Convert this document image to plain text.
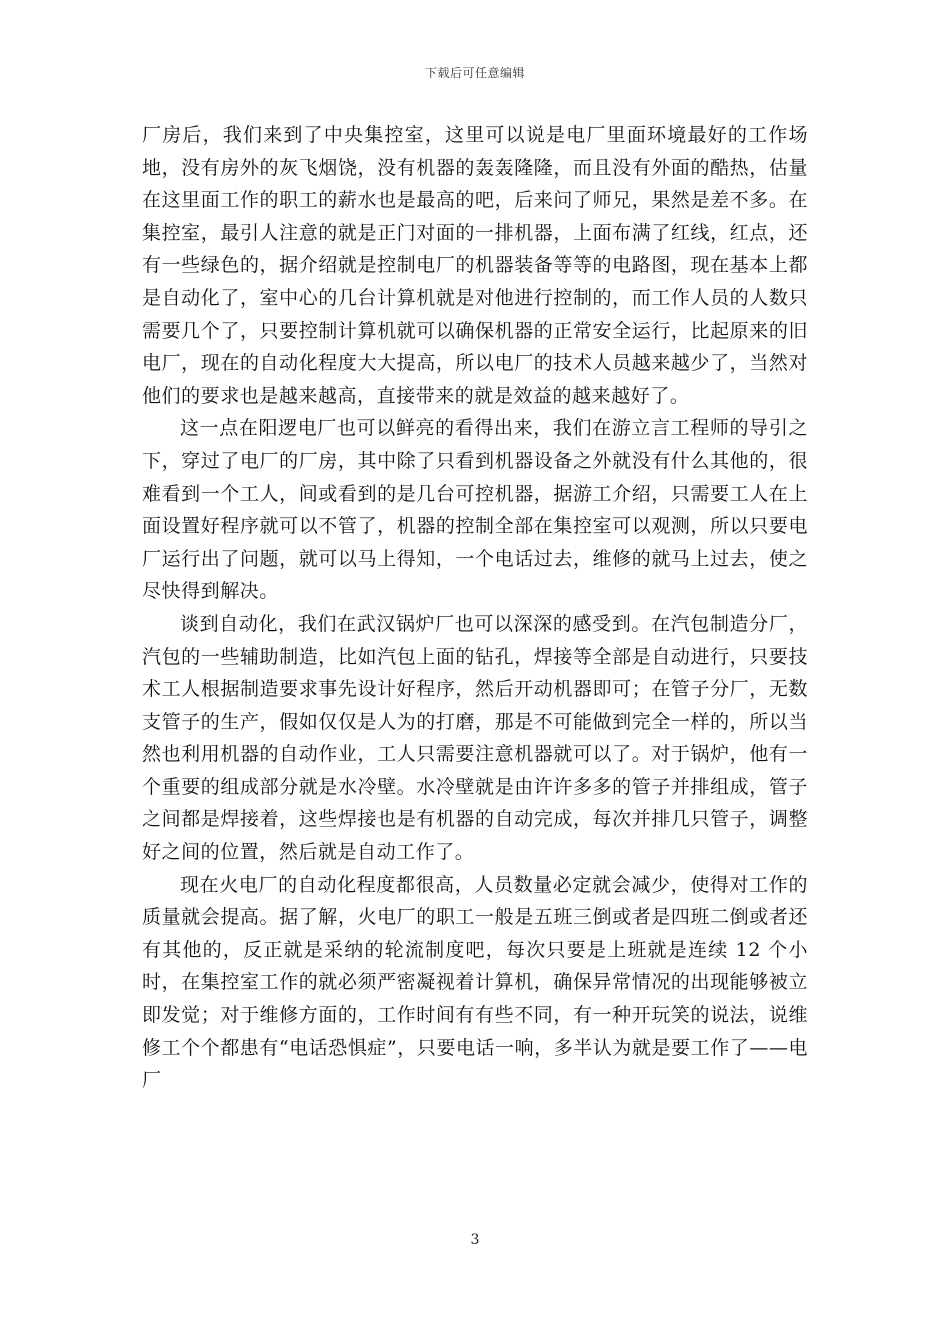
下载后可任意编辑

厂房后，我们来到了中央集控室，这里可以说是电厂里面环境最好的工作场地，没有房外的灰飞烟饶，没有机器的轰轰隆隆，而且没有外面的酷热，估量在这里面工作的职工的薪水也是最高的吧，后来问了师兄，果然是差不多。在集控室，最引人注意的就是正门对面的一排机器，上面布满了红线，红点，还有一些绿色的，据介绍就是控制电厂的机器装备等等的电路图，现在基本上都是自动化了，室中心的几台计算机就是对他进行控制的，而工作人员的人数只需要几个了，只要控制计算机就可以确保机器的正常安全运行，比起原来的旧电厂，现在的自动化程度大大提高，所以电厂的技术人员越来越少了，当然对他们的要求也是越来越高，直接带来的就是效益的越来越好了。

这一点在阳逻电厂也可以鲜亮的看得出来，我们在游立言工程师的导引之下，穿过了电厂的厂房，其中除了只看到机器设备之外就没有什么其他的，很难看到一个工人，间或看到的是几台可控机器，据游工介绍，只需要工人在上面设置好程序就可以不管了，机器的控制全部在集控室可以观测，所以只要电厂运行出了问题，就可以马上得知，一个电话过去，维修的就马上过去，使之尽快得到解决。

谈到自动化，我们在武汉锅炉厂也可以深深的感受到。在汽包制造分厂，汽包的一些辅助制造，比如汽包上面的钻孔，焊接等全部是自动进行，只要技术工人根据制造要求事先设计好程序，然后开动机器即可；在管子分厂，无数支管子的生产，假如仅仅是人为的打磨，那是不可能做到完全一样的，所以当然也利用机器的自动作业，工人只需要注意机器就可以了。对于锅炉，他有一个重要的组成部分就是水冷壁。水冷壁就是由许许多多的管子并排组成，管子之间都是焊接着，这些焊接也是有机器的自动完成，每次并排几只管子，调整好之间的位置，然后就是自动工作了。

现在火电厂的自动化程度都很高，人员数量必定就会减少，使得对工作的质量就会提高。据了解，火电厂的职工一般是五班三倒或者是四班二倒或者还有其他的，反正就是采纳的轮流制度吧，每次只要是上班就是连续 12 个小时，在集控室工作的就必须严密凝视着计算机，确保异常情况的出现能够被立即发觉；对于维修方面的，工作时间有有些不同，有一种开玩笑的说法，说维修工个个都患有“电话恐惧症”，只要电话一响，多半认为就是要工作了——电厂

3
